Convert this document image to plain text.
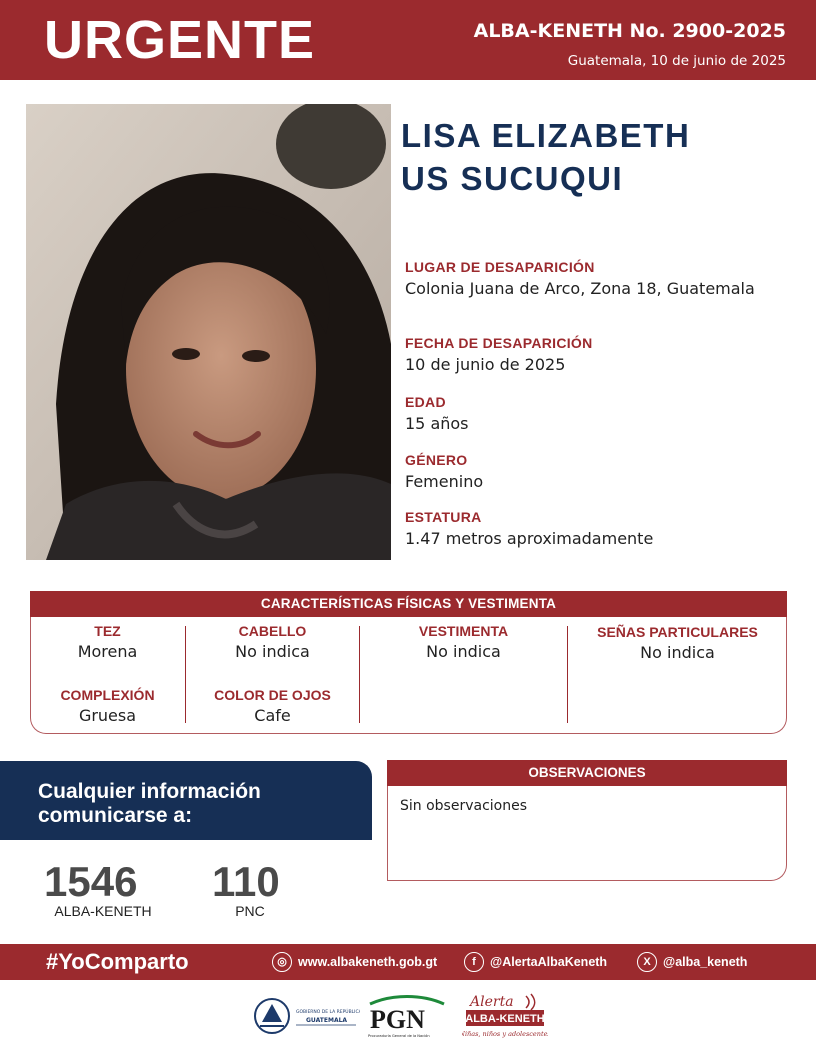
URGENTE	ALBA-KENETH No. 2900-2025
Guatemala, 10 de junio de 2025
LISA ELIZABETH
US SUCUQUI
LUGAR DE DESAPARICIÓN
Colonia Juana de Arco, Zona 18, Guatemala
FECHA DE DESAPARICIÓN
10 de junio de 2025
EDAD
15 años
GÉNERO
Femenino
ESTATURA
1.47 metros aproximadamente
CARACTERÍSTICAS FÍSICAS Y VESTIMENTA
TEZ
Morena
COMPLEXIÓN
Gruesa
CABELLO
No indica
COLOR DE OJOS
Cafe
VESTIMENTA
No indica
SEÑAS PARTICULARES
No indica
Cualquier información
comunicarse a:
1546
ALBA-KENETH
110
PNC
OBSERVACIONES
Sin observaciones
#YoComparto	◎ www.albakeneth.gob.gt	f	@AlertaAlbaKeneth	X @alba_keneth
GOBIERNO DE LA REPÚBLICA
GUATEMALA PGN
Procuraduría General de la Nación
Alerta
ALBA-KENETH
Niñas, niños y adolescentes
